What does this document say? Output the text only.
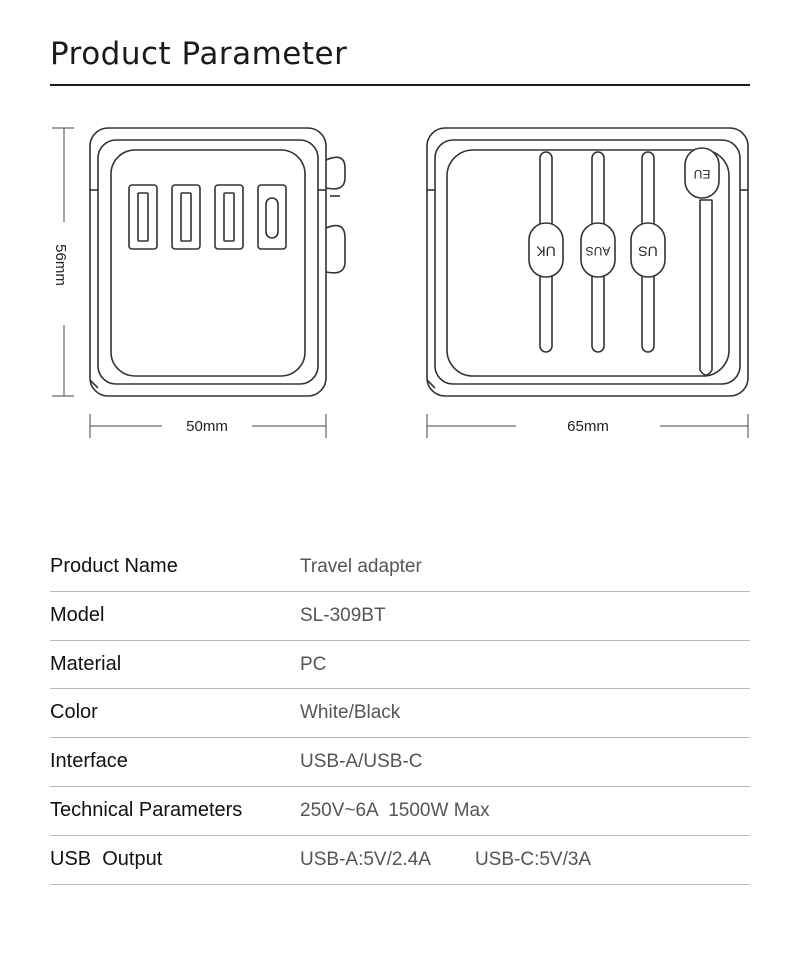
Product Parameter
UK AUS US
EU
56mm
50mm	65mm
Product Name	Travel adapter
Model	SL-309BT
Material	PC
Color	White/Black
Interface	USB-A/USB-C
Technical Parameters	250V~6A  1500W Max
USB  Output	USB-A:5V/2.4A USB-C:5V/3A
